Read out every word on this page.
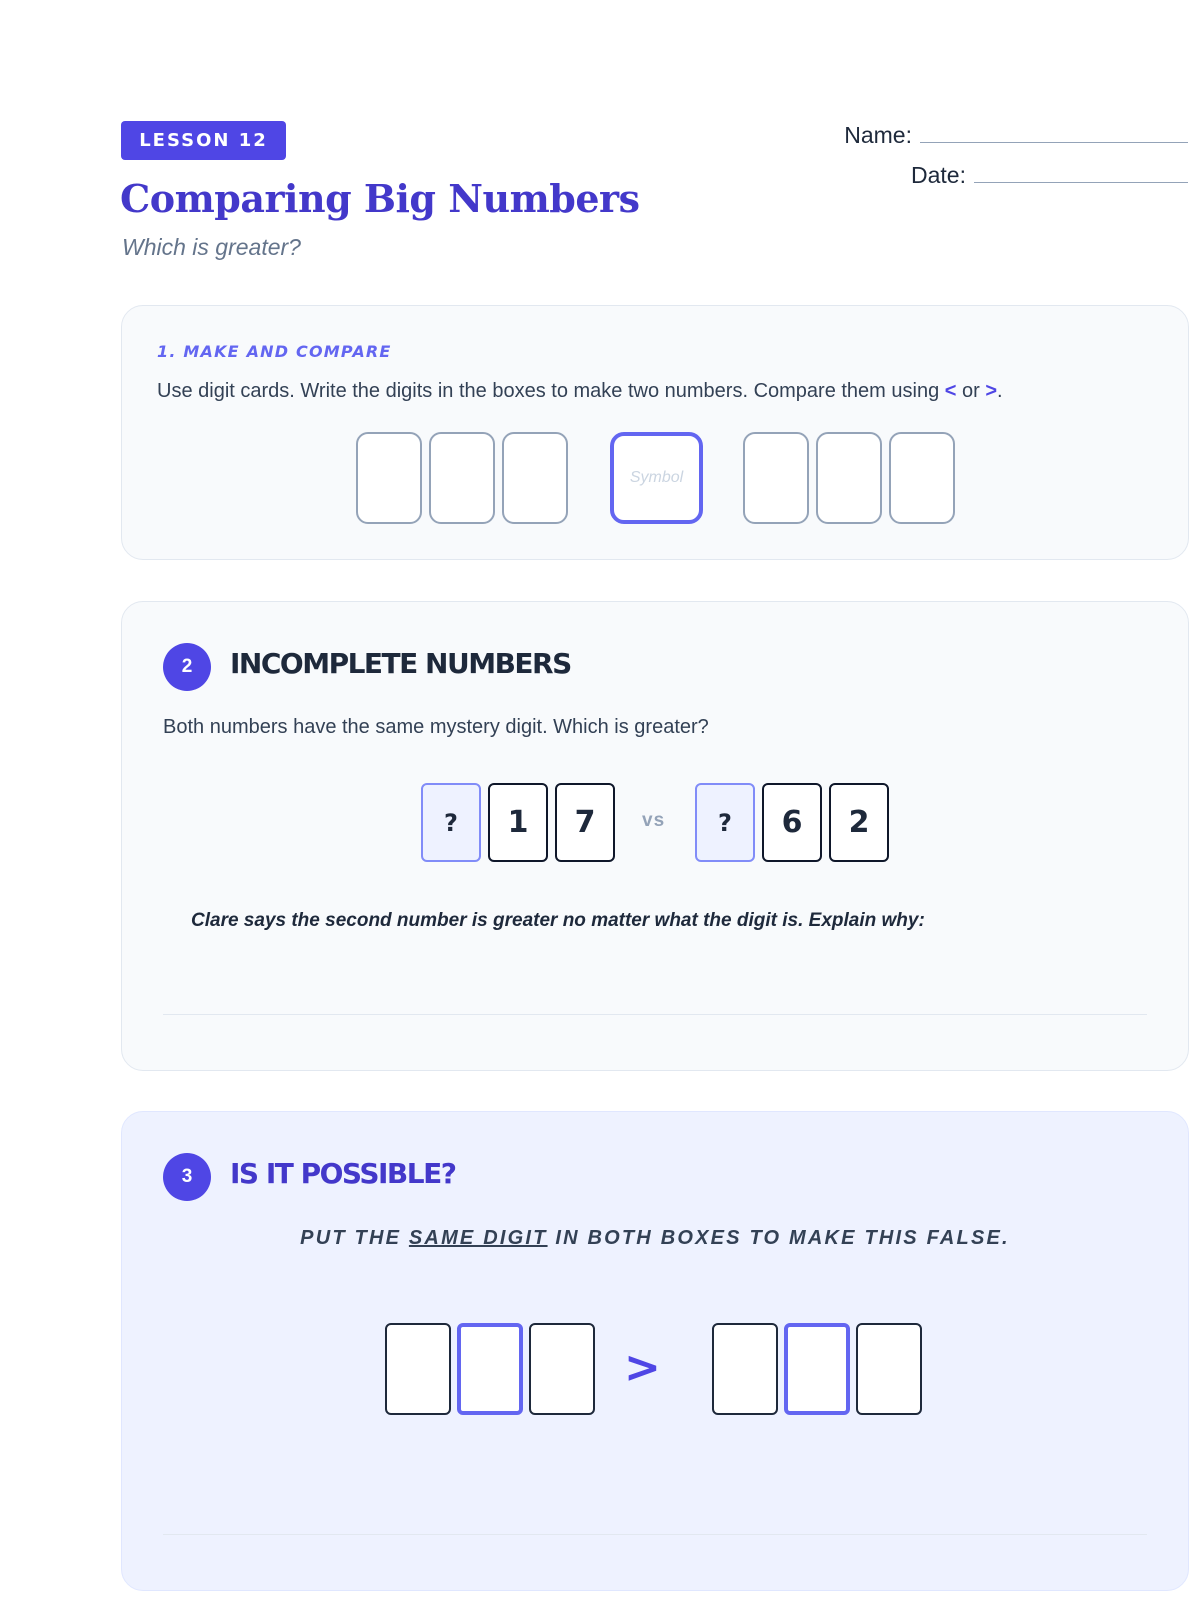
LESSON 12
Comparing Big Numbers
Which is greater?
Name:
Date:
1. MAKE AND COMPARE
Use digit cards. Write the digits in the boxes to make two numbers. Compare them using < or >.
Symbol
2	INCOMPLETE NUMBERS
Both numbers have the same mystery digit. Which is greater?
?	1	7	vs	?	6	2
Clare says the second number is greater no matter what the digit is. Explain why:
3	IS IT POSSIBLE?
PUT THE SAME DIGIT IN BOTH BOXES TO MAKE THIS FALSE.
>
